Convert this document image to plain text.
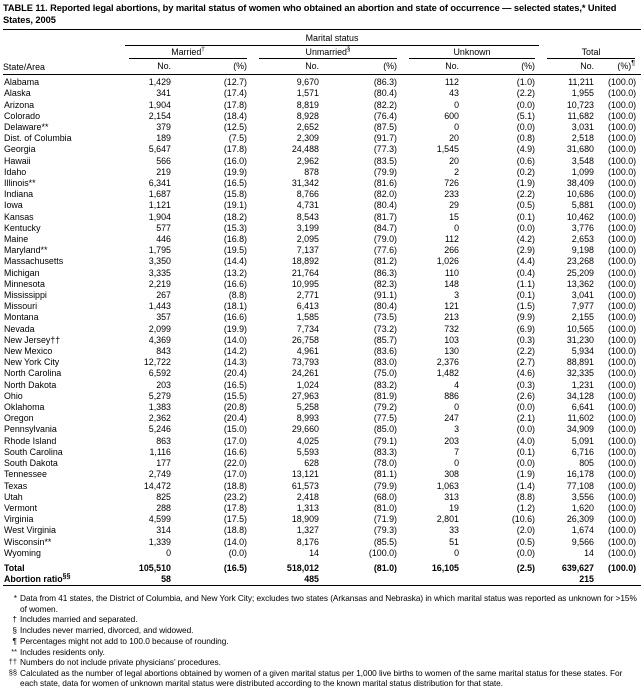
TABLE 11. Reported legal abortions, by marital status of women who obtained an abortion and state of occurrence — selected states,* United States, 2005

	Marital status							

	Married†		Unmarried§		Unknown		Total	

State/Area	No.	(%)	No.	(%)	No.	(%)	No.	(%)¶

Alabama	1,429	(12.7)	9,670	(86.3)	112	(1.0)	11,211	(100.0)
Alaska	341	(17.4)	1,571	(80.4)	43	(2.2)	1,955	(100.0)
Arizona	1,904	(17.8)	8,819	(82.2)	0	(0.0)	10,723	(100.0)
Colorado	2,154	(18.4)	8,928	(76.4)	600	(5.1)	11,682	(100.0)
Delaware**	379	(12.5)	2,652	(87.5)	0	(0.0)	3,031	(100.0)
Dist. of Columbia	189	(7.5)	2,309	(91.7)	20	(0.8)	2,518	(100.0)
Georgia	5,647	(17.8)	24,488	(77.3)	1,545	(4.9)	31,680	(100.0)
Hawaii	566	(16.0)	2,962	(83.5)	20	(0.6)	3,548	(100.0)
Idaho	219	(19.9)	878	(79.9)	2	(0.2)	1,099	(100.0)
Illinois**	6,341	(16.5)	31,342	(81.6)	726	(1.9)	38,409	(100.0)
Indiana	1,687	(15.8)	8,766	(82.0)	233	(2.2)	10,686	(100.0)
Iowa	1,121	(19.1)	4,731	(80.4)	29	(0.5)	5,881	(100.0)
Kansas	1,904	(18.2)	8,543	(81.7)	15	(0.1)	10,462	(100.0)
Kentucky	577	(15.3)	3,199	(84.7)	0	(0.0)	3,776	(100.0)
Maine	446	(16.8)	2,095	(79.0)	112	(4.2)	2,653	(100.0)
Maryland**	1,795	(19.5)	7,137	(77.6)	266	(2.9)	9,198	(100.0)
Massachusetts	3,350	(14.4)	18,892	(81.2)	1,026	(4.4)	23,268	(100.0)
Michigan	3,335	(13.2)	21,764	(86.3)	110	(0.4)	25,209	(100.0)
Minnesota	2,219	(16.6)	10,995	(82.3)	148	(1.1)	13,362	(100.0)
Mississippi	267	(8.8)	2,771	(91.1)	3	(0.1)	3,041	(100.0)
Missouri	1,443	(18.1)	6,413	(80.4)	121	(1.5)	7,977	(100.0)
Montana	357	(16.6)	1,585	(73.5)	213	(9.9)	2,155	(100.0)
Nevada	2,099	(19.9)	7,734	(73.2)	732	(6.9)	10,565	(100.0)
New Jersey††	4,369	(14.0)	26,758	(85.7)	103	(0.3)	31,230	(100.0)
New Mexico	843	(14.2)	4,961	(83.6)	130	(2.2)	5,934	(100.0)
New York City	12,722	(14.3)	73,793	(83.0)	2,376	(2.7)	88,891	(100.0)
North Carolina	6,592	(20.4)	24,261	(75.0)	1,482	(4.6)	32,335	(100.0)
North Dakota	203	(16.5)	1,024	(83.2)	4	(0.3)	1,231	(100.0)
Ohio	5,279	(15.5)	27,963	(81.9)	886	(2.6)	34,128	(100.0)
Oklahoma	1,383	(20.8)	5,258	(79.2)	0	(0.0)	6,641	(100.0)
Oregon	2,362	(20.4)	8,993	(77.5)	247	(2.1)	11,602	(100.0)
Pennsylvania	5,246	(15.0)	29,660	(85.0)	3	(0.0)	34,909	(100.0)
Rhode Island	863	(17.0)	4,025	(79.1)	203	(4.0)	5,091	(100.0)
South Carolina	1,116	(16.6)	5,593	(83.3)	7	(0.1)	6,716	(100.0)
South Dakota	177	(22.0)	628	(78.0)	0	(0.0)	805	(100.0)
Tennessee	2,749	(17.0)	13,121	(81.1)	308	(1.9)	16,178	(100.0)
Texas	14,472	(18.8)	61,573	(79.9)	1,063	(1.4)	77,108	(100.0)
Utah	825	(23.2)	2,418	(68.0)	313	(8.8)	3,556	(100.0)
Vermont	288	(17.8)	1,313	(81.0)	19	(1.2)	1,620	(100.0)
Virginia	4,599	(17.5)	18,909	(71.9)	2,801	(10.6)	26,309	(100.0)
West Virginia	314	(18.8)	1,327	(79.3)	33	(2.0)	1,674	(100.0)
Wisconsin**	1,339	(14.0)	8,176	(85.5)	51	(0.5)	9,566	(100.0)
Wyoming	0	(0.0)	14	(100.0)	0	(0.0)	14	(100.0)

Total	105,510	(16.5)	518,012	(81.0)	16,105	(2.5)	639,627	(100.0)
Abortion ratio§§	58		485				215	

* Data from 41 states, the District of Columbia, and New York City; excludes two states (Arkansas and Nebraska) in which marital status was reported as unknown for >15% of women.
† Includes married and separated.
§ Includes never married, divorced, and widowed.
¶ Percentages might not add to 100.0 because of rounding.
** Includes residents only.
†† Numbers do not include private physicians’ procedures.
§§ Calculated as the number of legal abortions obtained by women of a given marital status per 1,000 live births to women of the same marital status for these states. For each state, data for women of unknown marital status were distributed according to the known marital status distribution for that state.
